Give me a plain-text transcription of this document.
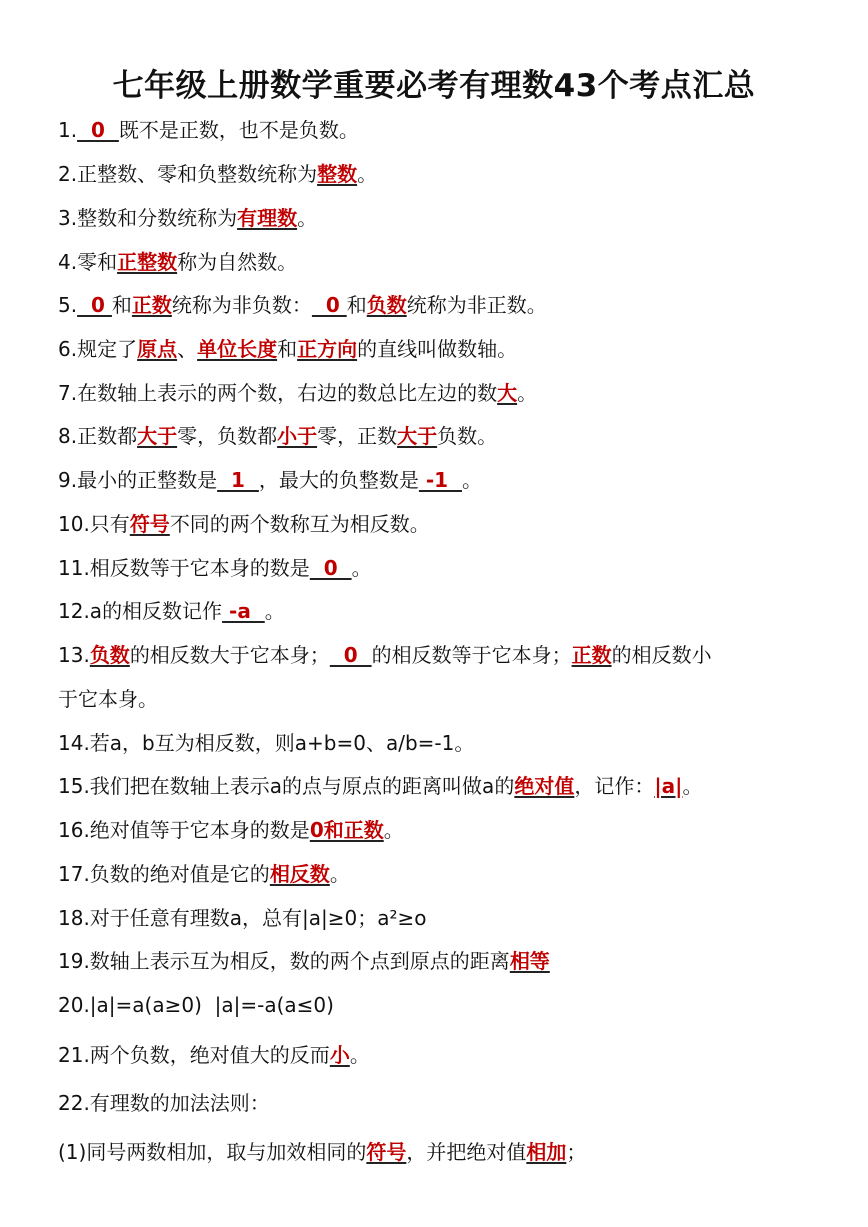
七年级上册数学重要必考有理数43个考点汇总
1.  0  既不是正数，也不是负数。
2.正整数、零和负整数统称为整数。
3.整数和分数统称为有理数。
4.零和正整数称为自然数。
5.  0 和正数统称为非负数：  0 和负数统称为非正数。
6.规定了原点、单位长度和正方向的直线叫做数轴。
7.在数轴上表示的两个数，右边的数总比左边的数大。
8.正数都大于零，负数都小于零，正数大于负数。
9.最小的正整数是  1  ，最大的负整数是 -1  。
10.只有符号不同的两个数称互为相反数。
11.相反数等于它本身的数是  0  。
12.a的相反数记作 -a  。
13.负数的相反数大于它本身；  0  的相反数等于它本身；正数的相反数小
于它本身。
14.若a，b互为相反数，则a+b=0、a/b=-1。
15.我们把在数轴上表示a的点与原点的距离叫做a的绝对值，记作：|a|。
16.绝对值等于它本身的数是0和正数。
17.负数的绝对值是它的相反数。
18.对于任意有理数a，总有|a|≥0；a²≥o
19.数轴上表示互为相反，数的两个点到原点的距离相等
20.|a|=a(a≥0)  |a|=-a(a≤0)
21.两个负数，绝对值大的反而小。
22.有理数的加法法则：
(1)同号两数相加，取与加效相同的符号，并把绝对值相加；
